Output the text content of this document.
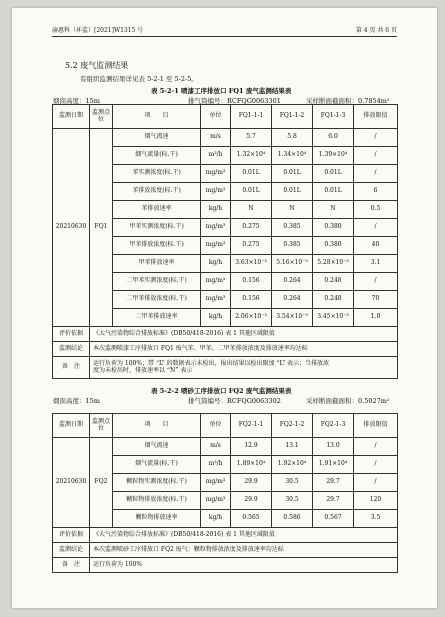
渝惠科（环监）[2021]W1315 号	第 4 页 共 6 页
5.2 废气监测结果
有组织监测结果详见表 5-2-1 至 5-2-5。
表 5-2-1 喷漆工序排放口 FQ1 废气监测结果表
烟囱高度：15m	排气筒编号：RCFQG0063301	采样断面截面积：0.7854m²
监测日期	监测点位	项　　目	单位	FQ1-1-1	FQ1-1-2	FQ1-1-3	排放限值
20210630	FQ1	烟气流速	m/s	5.7	5.8	6.0	/
		烟气流量(标.干)	m³/h	1.32×10⁴	1.34×10⁴	1.39×10⁴	/
		苯实测浓度(标.干)	mg/m³	0.01L	0.01L	0.01L	/
		苯排放浓度(标.干)	mg/m³	0.01L	0.01L	0.01L	6
		苯排放速率	kg/h	N	N	N	0.5
		甲苯实测浓度(标.干)	mg/m³	0.275	0.385	0.380	/
		甲苯排放浓度(标.干)	mg/m³	0.275	0.385	0.380	40
		甲苯排放速率	kg/h	3.63×10⁻³	5.16×10⁻³	5.28×10⁻³	3.1
		二甲苯实测浓度(标.干)	mg/m³	0.156	0.264	0.248	/
		二甲苯排放浓度(标.干)	mg/m³	0.156	0.264	0.248	70
		二甲苯排放速率	kg/h	2.06×10⁻³	3.54×10⁻³	3.45×10⁻³	1.0
评价依据	《大气污染物综合排放标准》(DB50/418-2016) 表 1 其他区域限值						
监测结论	本次监测喷漆工序排放口 FQ1 废气苯、甲苯、二甲苯排放浓度及排放速率均达标						
备　注	运行负荷为 100%；带 “L” 的数据表示未检出，报出结果以检出限加 “L” 表示；当排放浓
度为未检出时，排放速率以 “N” 表示						
表 5-2-2 喷砂工序排放口 FQ2 废气监测结果表
烟囱高度：15m	排气筒编号：RCFQG0063302	采样断面截面积：0.5027m²
监测日期	监测点位	项　　目	单位	FQ2-1-1	FQ2-1-2	FQ2-1-3	排放限值
20210630	FQ2	烟气流速	m/s	12.9	13.1	13.0	/
		烟气流量(标.干)	m³/h	1.89×10⁴	1.92×10⁴	1.91×10⁴	/
		颗粒物实测浓度(标.干)	mg/m³	29.9	30.5	29.7	/
		颗粒物排放浓度(标.干)	mg/m³	29.9	30.5	29.7	120
		颗粒物排放速率	kg/h	0.565	0.586	0.567	3.5
评价依据	《大气污染物综合排放标准》(DB50/418-2016) 表 1 其他区域限值						
监测结论	本次监测喷砂工序排放口 FQ2 废气：颗粒物排放浓度及排放速率均达标						
备　注	运行负荷为 100%						
